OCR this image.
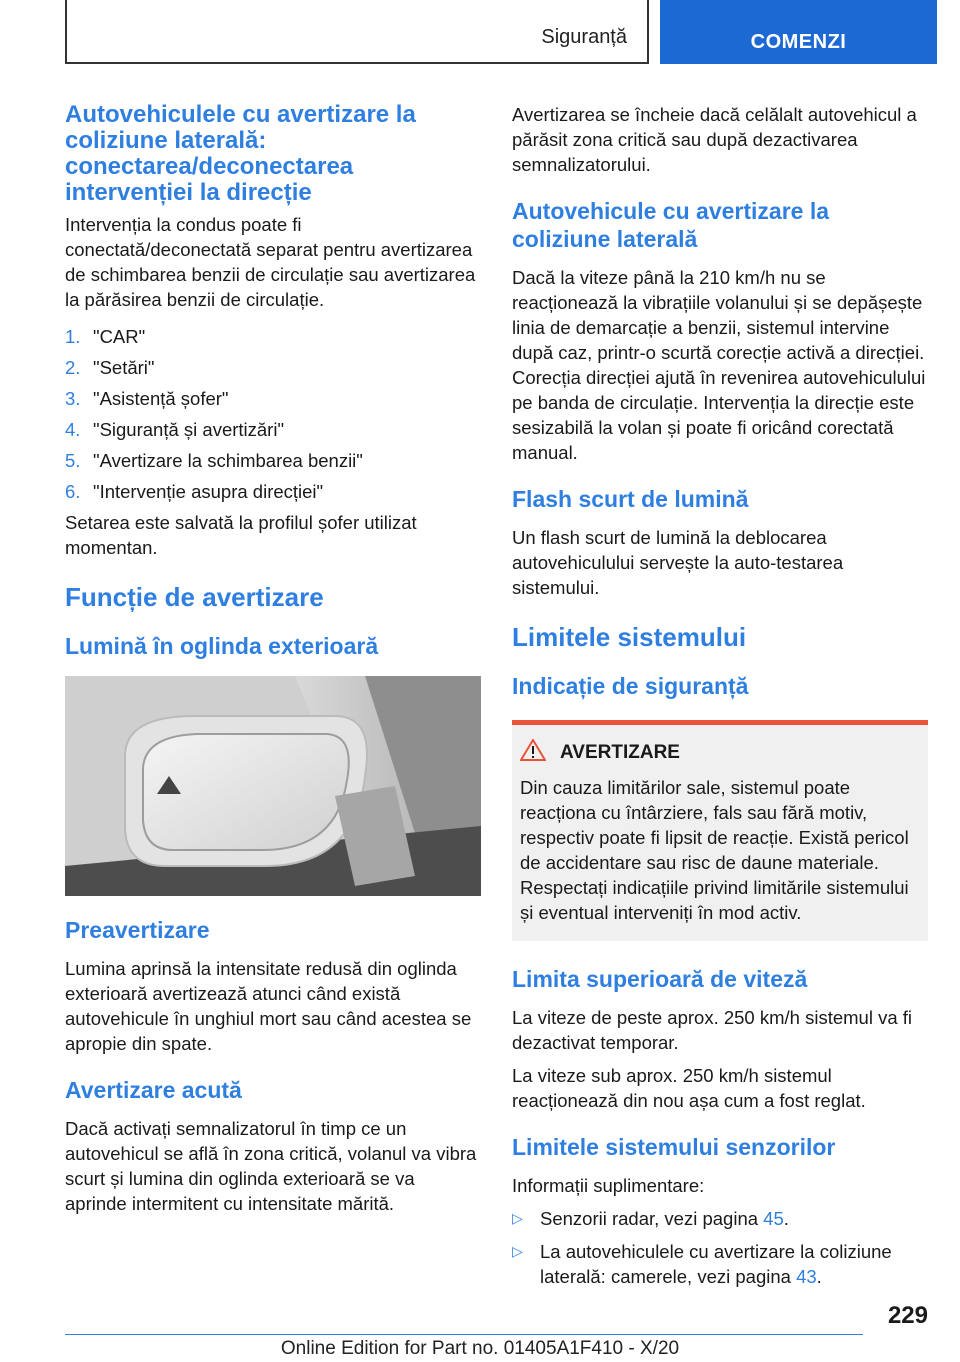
Siguranță	COMENZI
Autovehiculele cu avertizare la coliziune laterală: conectarea/deconectarea intervenției la direcție

Intervenția la condus poate fi conectată/deconectată separat pentru avertizarea de schimbarea benzii de circulație sau avertizarea la părăsirea benzii de circulație.

1. "CAR"
2. "Setări"
3. "Asistență șofer"
4. "Siguranță și avertizări"
5. "Avertizare la schimbarea benzii"
6. "Intervenție asupra direcției"

Setarea este salvată la profilul șofer utilizat momentan.

Funcție de avertizare
Lumină în oglinda exterioară
Preavertizare

Lumina aprinsă la intensitate redusă din oglinda exterioară avertizează atunci când există autovehicule în unghiul mort sau când acestea se apropie din spate.

Avertizare acută

Dacă activați semnalizatorul în timp ce un autovehicul se află în zona critică, volanul va vibra scurt și lumina din oglinda exterioară se va aprinde intermitent cu intensitate mărită.

Avertizarea se încheie dacă celălalt autovehicul a părăsit zona critică sau după dezactivarea semnalizatorului.

Autovehicule cu avertizare la coliziune laterală

Dacă la viteze până la 210 km/h nu se reacționează la vibrațiile volanului și se depășește linia de demarcație a benzii, sistemul intervine după caz, printr-o scurtă corecție activă a direcției. Corecția direcției ajută în revenirea autovehiculului pe banda de circulație. Intervenția la direcție este sesizabilă la volan și poate fi oricând corectată manual.

Flash scurt de lumină

Un flash scurt de lumină la deblocarea autovehiculului servește la auto-testarea sistemului.

Limitele sistemului
Indicație de siguranță
AVERTIZARE

Din cauza limitărilor sale, sistemul poate reacționa cu întârziere, fals sau fără motiv, respectiv poate fi lipsit de reacție. Există pericol de accidentare sau risc de daune materiale. Respectați indicațiile privind limitările sistemului și eventual interveniți în mod activ.

Limita superioară de viteză

La viteze de peste aprox. 250 km/h sistemul va fi dezactivat temporar.

La viteze sub aprox. 250 km/h sistemul reacționează din nou așa cum a fost reglat.

Limitele sistemului senzorilor

Informații suplimentare:

▷ Senzorii radar, vezi pagina 45.
▷ La autovehiculele cu avertizare la coliziune laterală: camerele, vezi pagina 43.
229
Online Edition for Part no. 01405A1F410 - X/20
